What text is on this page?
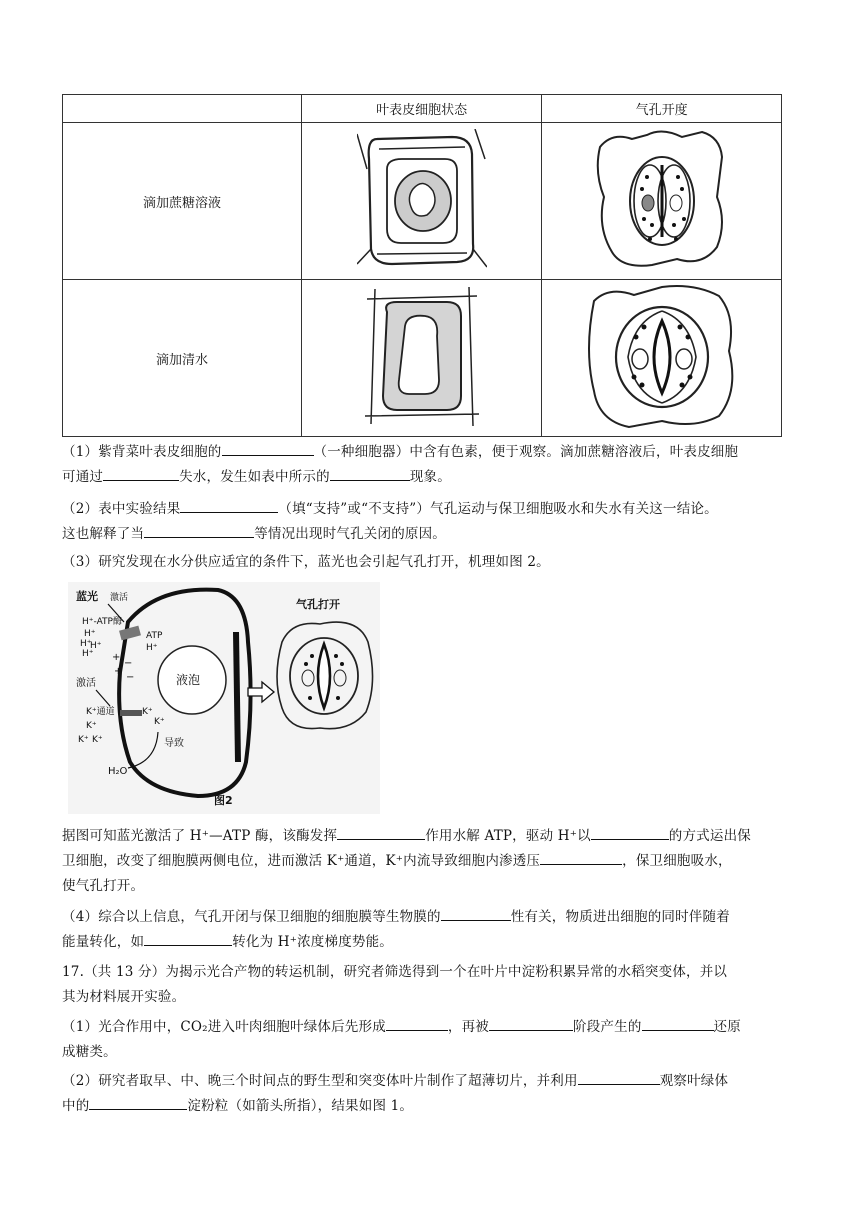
	叶表皮细胞状态	气孔开度
滴加蔗糖溶液		
滴加清水		
（1）紫背菜叶表皮细胞的	（一种细胞器）中含有色素，便于观察。滴加蔗糖溶液后，叶表皮细胞
可通过	失水，发生如表中所示的	现象。
（2）表中实验结果	（填“支持”或“不支持”）气孔运动与保卫细胞吸水和失水有关这一结论。
这也解释了当	等情况出现时气孔关闭的原因。
（3）研究发现在水分供应适宜的条件下，蓝光也会引起气孔打开，机理如图 2。
液泡
蓝光 激活
H⁺-ATP酶
ATP
H⁺
H⁺
H⁺
H⁺
H⁺ +
+
−
−
激活
K⁺通道
K⁺
K⁺ K⁺
K⁺
K⁺
导致
H₂O
图2
气孔打开
据图可知蓝光激活了 H⁺—ATP 酶，该酶发挥	作用水解 ATP，驱动 H⁺以	的方式运出保
卫细胞，改变了细胞膜两侧电位，进而激活 K⁺通道，K⁺内流导致细胞内渗透压	，保卫细胞吸水，
使气孔打开。
（4）综合以上信息，气孔开闭与保卫细胞的细胞膜等生物膜的	性有关，物质进出细胞的同时伴随着
能量转化，如	转化为 H⁺浓度梯度势能。
17.（共 13 分）为揭示光合产物的转运机制，研究者筛选得到一个在叶片中淀粉积累异常的水稻突变体，并以
其为材料展开实验。
（1）光合作用中，CO₂进入叶肉细胞叶绿体后先形成	，再被	阶段产生的	还原
成糖类。
（2）研究者取早、中、晚三个时间点的野生型和突变体叶片制作了超薄切片，并利用	观察叶绿体
中的	淀粉粒（如箭头所指），结果如图 1。
